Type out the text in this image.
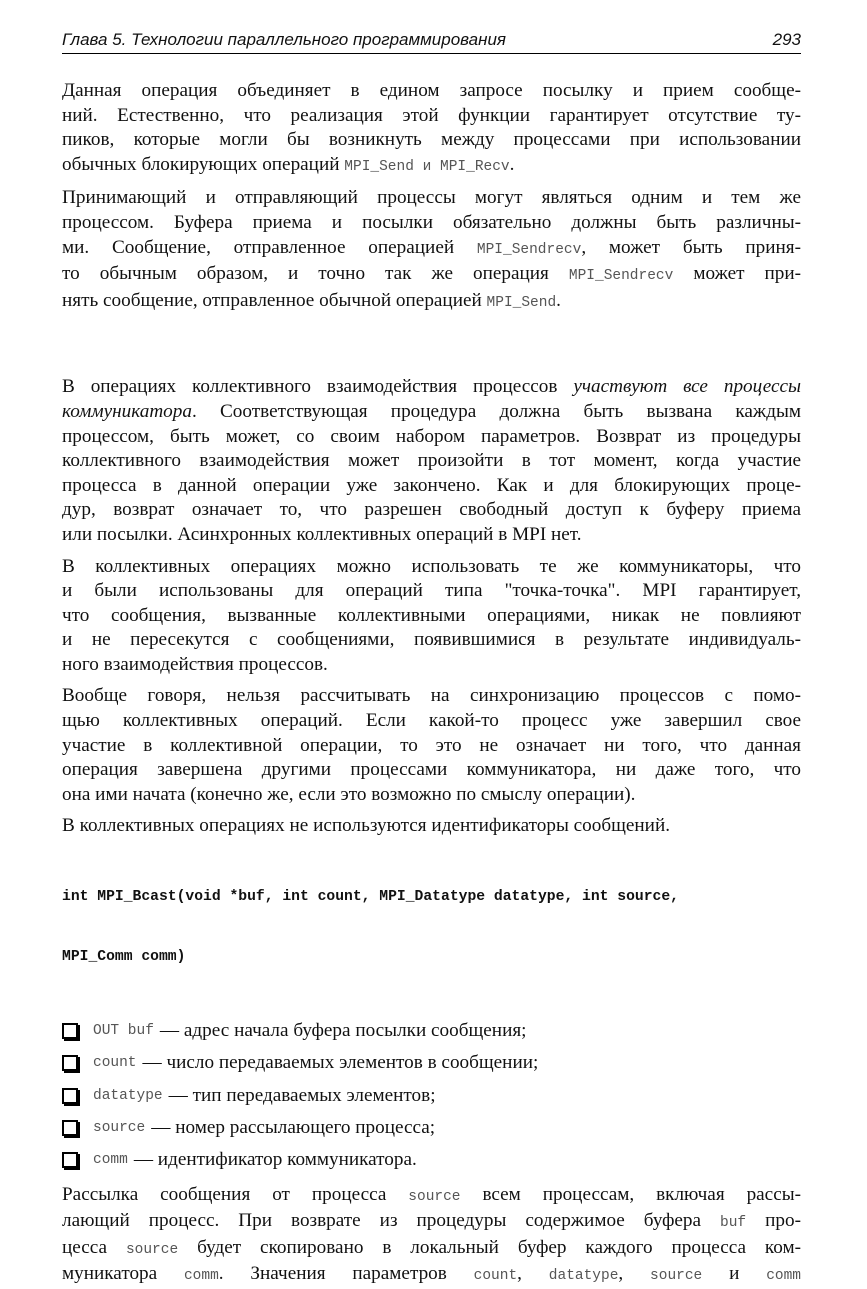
Глава 5. Технологии параллельного программирования	293
Данная операция объединяет в едином запросе посылку и прием сообще-
ний. Естественно, что реализация этой функции гарантирует отсутствие ту-
пиков, которые могли бы возникнуть между процессами при использовании
обычных блокирующих операций MPI_Send и MPI_Recv.
Принимающий и отправляющий процессы могут являться одним и тем же
процессом. Буфера приема и посылки обязательно должны быть различны-
ми. Сообщение, отправленное операцией MPI_Sendrecv, может быть приня-
то обычным образом, и точно так же операция MPI_Sendrecv может при-
нять сообщение, отправленное обычной операцией MPI_Send.
В операциях коллективного взаимодействия процессов участвуют все процессы
коммуникатора. Соответствующая процедура должна быть вызвана каждым
процессом, быть может, со своим набором параметров. Возврат из процедуры
коллективного взаимодействия может произойти в тот момент, когда участие
процесса в данной операции уже закончено. Как и для блокирующих проце-
дур, возврат означает то, что разрешен свободный доступ к буферу приема
или посылки. Асинхронных коллективных операций в MPI нет.
В коллективных операциях можно использовать те же коммуникаторы, что
и были использованы для операций типа "точка-точка". MPI гарантирует,
что сообщения, вызванные коллективными операциями, никак не повлияют
и не пересекутся с сообщениями, появившимися в результате индивидуаль-
ного взаимодействия процессов.
Вообще говоря, нельзя рассчитывать на синхронизацию процессов с помо-
щью коллективных операций. Если какой-то процесс уже завершил свое
участие в коллективной операции, то это не означает ни того, что данная
операция завершена другими процессами коммуникатора, ни даже того, что
она ими начата (конечно же, если это возможно по смыслу операции).
В коллективных операциях не используются идентификаторы сообщений.

int MPI_Bcast(void *buf, int count, MPI_Datatype datatype, int source,

MPI_Comm comm)

OUT buf — адрес начала буфера посылки сообщения;
count — число передаваемых элементов в сообщении;
datatype — тип передаваемых элементов;
source — номер рассылающего процесса;
comm — идентификатор коммуникатора.
Рассылка сообщения от процесса source всем процессам, включая рассы-
лающий процесс. При возврате из процедуры содержимое буфера buf про-
цесса source будет скопировано в локальный буфер каждого процесса ком-
муникатора comm. Значения параметров count, datatype, source и comm
